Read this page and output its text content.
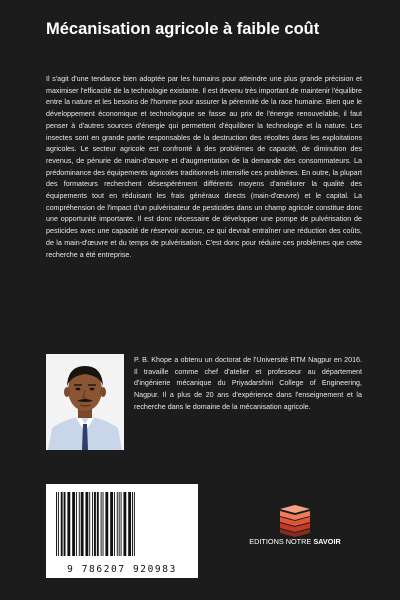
Mécanisation agricole à faible coût

Il s'agit d'une tendance bien adoptée par les humains pour atteindre une plus grande précision et maximiser l'efficacité de la technologie existante. Il est devenu très important de maintenir l'équilibre entre la nature et les besoins de l'homme pour assurer la pérennité de la race humaine. Bien que le développement économique et technologique se fasse au prix de l'énergie renouvelable, il faut penser à d'autres sources d'énergie qui permettent d'équilibrer la technologie et la nature. Les insectes sont en grande partie responsables de la destruction des récoltes dans les exploitations agricoles. Le secteur agricole est confronté à des problèmes de capacité, de diminution des revenus, de pénurie de main-d'œuvre et d'augmentation de la demande des consommateurs. La prédominance des équipements agricoles traditionnels intensifie ces problèmes. En outre, la plupart des formateurs recherchent désespérément différents moyens d'améliorer la qualité des équipements tout en réduisant les frais généraux directs (main-d'œuvre) et le capital. La compréhension de l'impact d'un pulvérisateur de pesticides dans un champ agricole constitue donc une opportunité importante. Il est donc nécessaire de développer une pompe de pulvérisation de pesticides avec une capacité de réservoir accrue, ce qui devrait entraîner une réduction des coûts, de la main-d'œuvre et du temps de pulvérisation. C'est donc pour réduire ces problèmes que cette recherche a été entreprise.

P. B. Khope a obtenu un doctorat de l'Université RTM Nagpur en 2016. Il travaille comme chef d'atelier et professeur au département d'ingénierie mécanique du Priyadarshini College of Engineering, Nagpur. Il a plus de 20 ans d'expérience dans l'enseignement et la recherche dans le domaine de la mécanisation agricole.
9 786207 920983
EDITIONS NOTRE SAVOIR
